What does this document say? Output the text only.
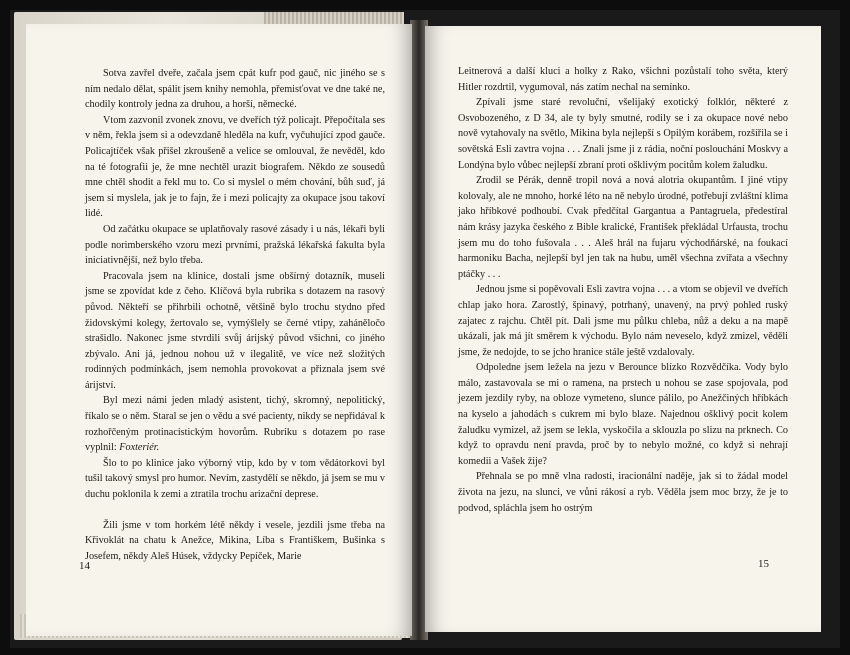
Sotva zavřel dveře, začala jsem cpát kufr pod gauč, nic jiného se s ním nedalo dělat, spálit jsem knihy nemohla, přemisťovat ve dne také ne, chodily kontroly jedna za druhou, a horší, německé.

Vtom zazvonil zvonek znovu, ve dveřích týž policajt. Přepočítala ses v něm, řekla jsem si a odevzdaně hleděla na kufr, vyčuhující zpod gauče. Policajtíček však přišel zkroušeně a velice se omlouval, že nevěděl, kdo na té fotografii je, že mne nechtěl urazit biografem. Někdo ze sousedů mne chtěl shodit a řekl mu to. Co si myslel o mém chování, bůh suď, já jsem si myslela, jak je to fajn, že i mezi policajty za okupace jsou takoví lidé.

Od začátku okupace se uplatňovaly rasové zásady i u nás, lékaři byli podle norimberského vzoru mezi prvními, pražská lékařská fakulta byla iniciativnější, než bylo třeba.

Pracovala jsem na klinice, dostali jsme obšírný dotazník, museli jsme se zpovídat kde z čeho. Klíčová byla rubrika s dotazem na rasový původ. Někteří se přihrbili ochotně, většině bylo trochu stydno před židovskými kolegy, žertovalo se, vymýšlely se černé vtipy, zaháněločo strašidlo. Nakonec jsme stvrdili svůj árijský původ všichni, co jiného zbývalo. Ani já, jednou nohou už v ilegalitě, ve více než složitých rodinných podmínkách, jsem nemohla provokovat a přiznala jsem své árijství.

Byl mezi námi jeden mladý asistent, tichý, skromný, nepolitický, říkalo se o něm. Staral se jen o vědu a své pacienty, nikdy se nepřidával k rozhořčeným protinacistickým hovorům. Rubriku s dotazem po rase vyplnil: Foxteriér.

Šlo to po klinice jako výborný vtip, kdo by v tom vědátorkovi byl tušil takový smysl pro humor. Nevím, zastydělí se někdo, já jsem se mu v duchu poklonila k zemi a ztratila trochu arizační deprese.

Žili jsme v tom horkém létě někdy i vesele, jezdili jsme třeba na Křivoklát na chatu k Anežce, Mikina, Líba s Františkem, Bušinka s Josefem, někdy Aleš Húsek, vždycky Pepíček, Marie

14

Leitnerová a další kluci a holky z Rako, všichni pozůstalí toho světa, který Hitler rozdrtil, vygumoval, nás zatím nechal na semínko.

Zpívali jsme staré revoluční, všelijaký exotický folklór, některé z Osvobozeného, z D 34, ale ty byly smutné, rodily se i za okupace nové nebo nově vytahovaly na světlo, Mikina byla nejlepší s Opilým korábem, rozšířila se i sovětská Esli zavtra vojna . . . Znali jsme ji z rádia, noční poslouchání Moskvy a Londýna bylo vůbec nejlepší zbraní proti ošklivým pocitům kolem žaludku.

Zrodil se Pérák, denně tropil nová a nová alotria okupantům. I jiné vtipy kolovaly, ale ne mnoho, horké léto na ně nebylo úrodné, potřebují zvláštní klima jako hříbkové podhoubí. Cvak předčítal Gargantua a Pantagruela, předestíral nám krásy jazyka českého z Bible kralické, František překládal Urfausta, trochu jsem mu do toho fušovala . . . Aleš hrál na fujaru východňárské, na foukací harmoniku Bacha, nejlepší byl jen tak na hubu, uměl všechna zvířata a všechny ptáčky . . .

Jednou jsme si popěvovali Esli zavtra vojna . . . a vtom se objevil ve dveřích chlap jako hora. Zarostlý, špinavý, potrhaný, unavený, na prvý pohled ruský zajatec z rajchu. Chtěl pít. Dali jsme mu půlku chleba, nůž a deku a na mapě ukázali, jak má jít směrem k východu. Bylo nám neveselo, když zmizel, věděli jsme, že nedojde, to se jcho hranice stále ještě vzdalovaly.

Odpoledne jsem ležela na jezu v Berounce blízko Rozvědčíka. Vody bylo málo, zastavovala se mi o ramena, na prstech u nohou se zase spojovala, pod jezem jezdily ryby, na obloze vymeteno, slunce pálilo, po Anežčiných hříbkách na kyselo a jahodách s cukrem mi bylo blaze. Najednou ošklivý pocit kolem žaludku vymizel, až jsem se lekla, vyskočila a sklouzla po slizu na prknech. Co když to opravdu není pravda, proč by to nebylo možné, co když si nehrají komedii a Vašek žije?

Přehnala se po mně vlna radosti, iracionální naděje, jak si to žádal model života na jezu, na slunci, ve vůni rákosí a ryb. Věděla jsem moc brzy, že je to podvod, spláchla jsem ho ostrým

15
